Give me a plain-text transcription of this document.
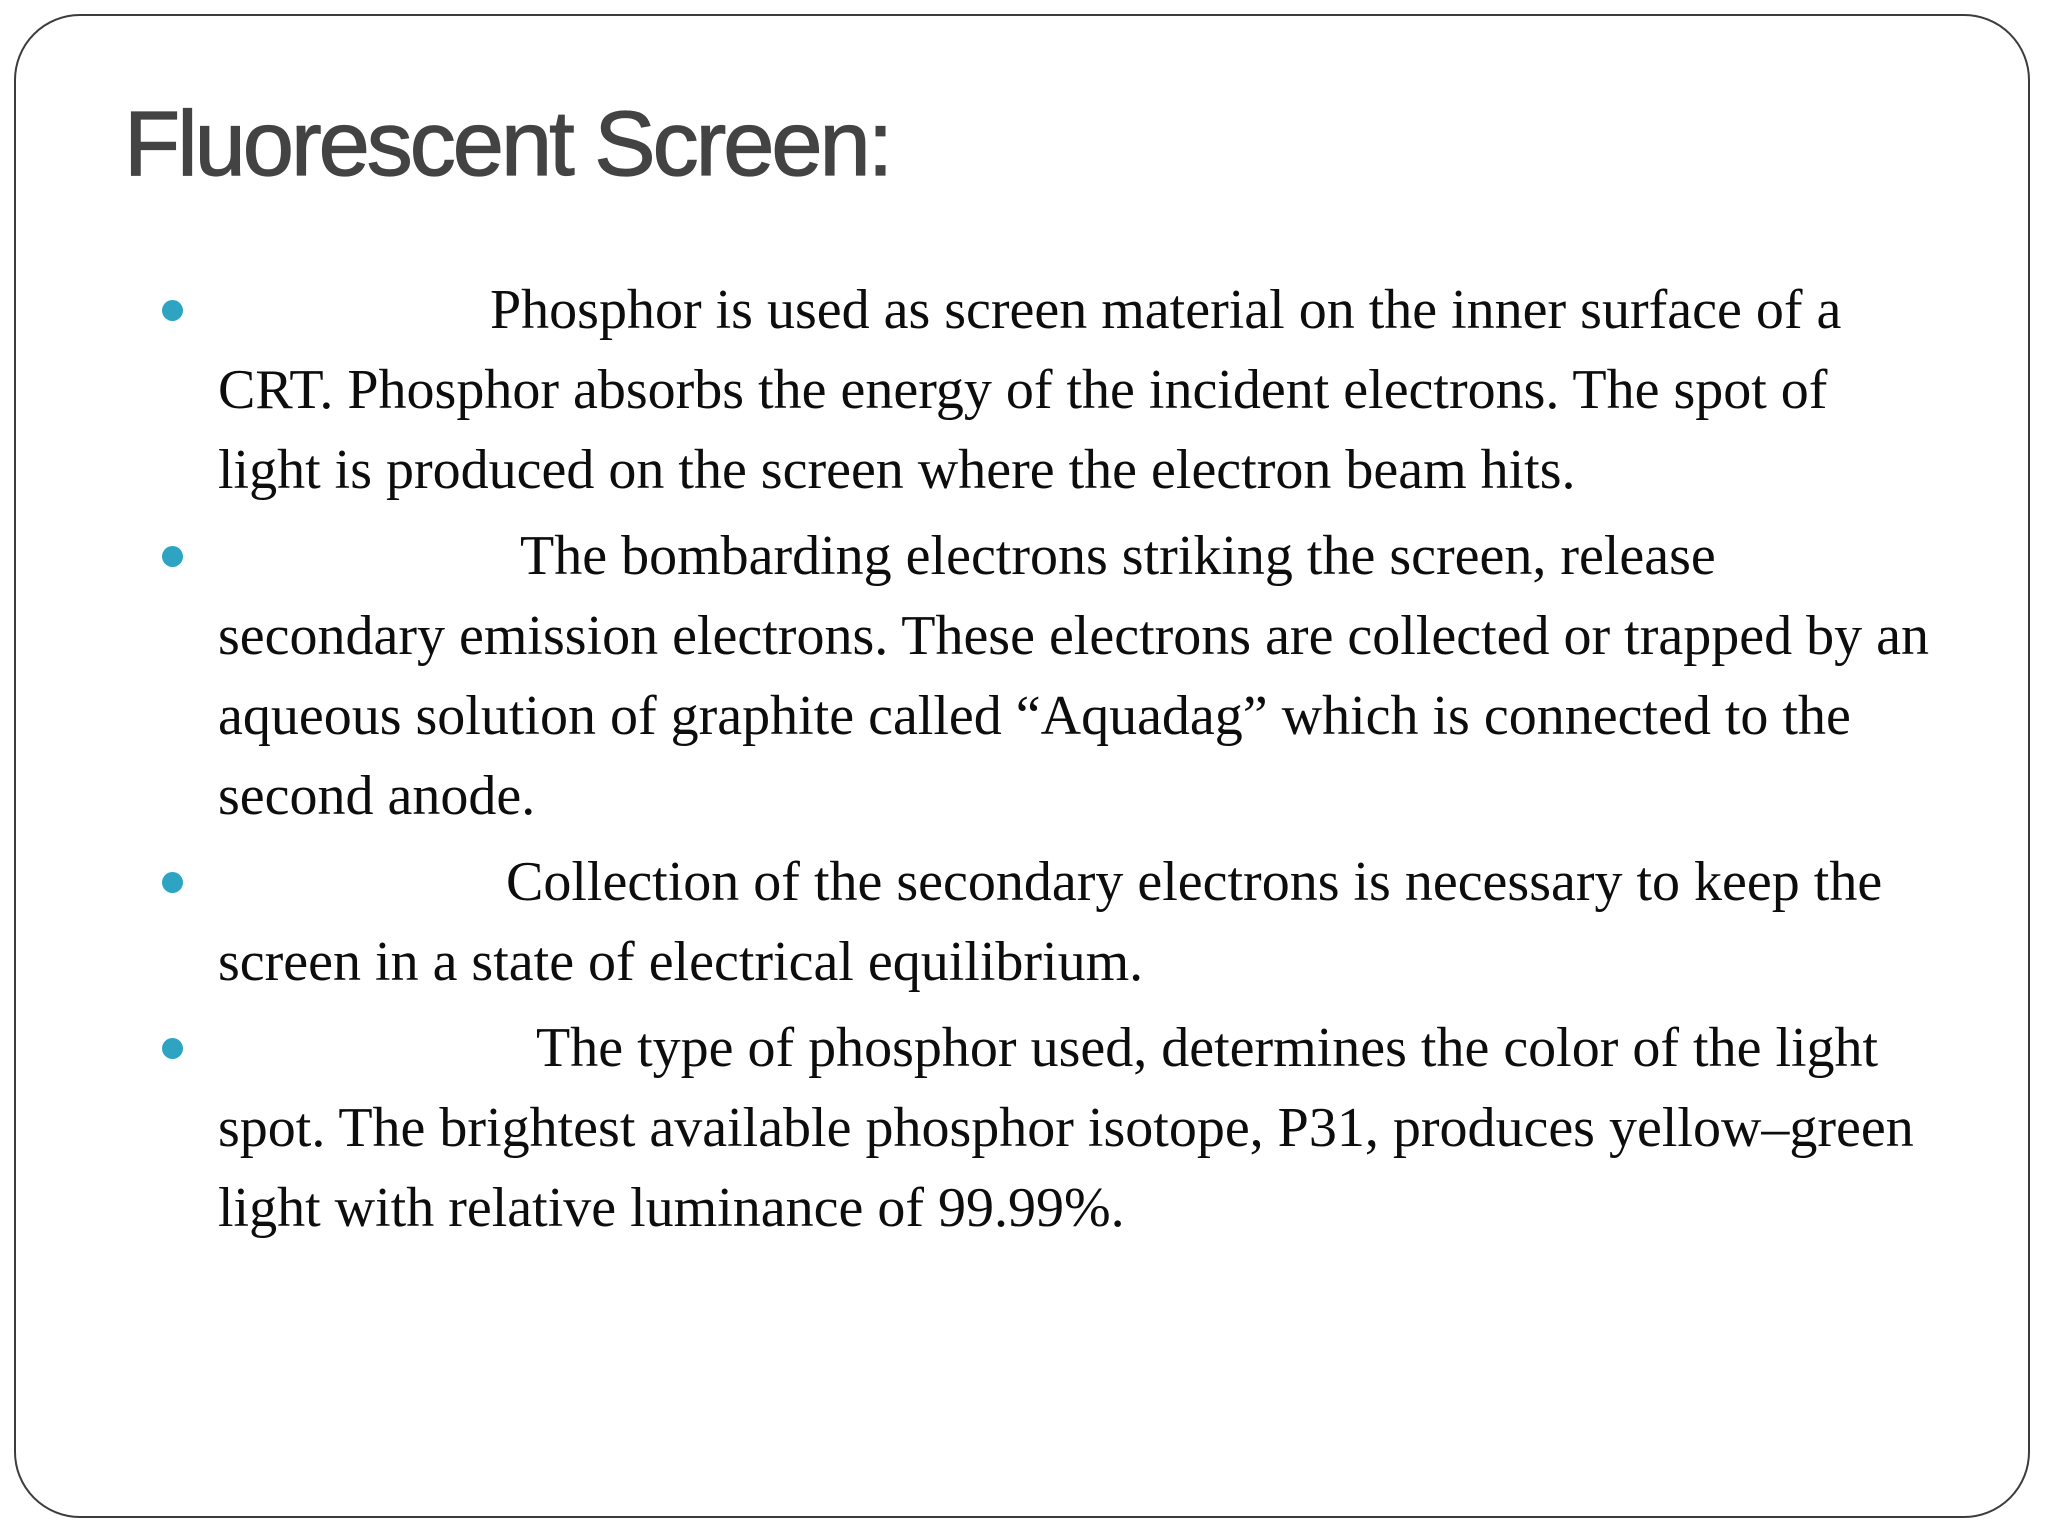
Fluorescent Screen:
Phosphor is used as screen material on the inner surface of a CRT. Phosphor absorbs the energy of the incident electrons. The spot of light is produced on the screen where the electron beam hits.
The bombarding electrons striking the screen, release secondary emission electrons. These electrons are collected or trapped by an aqueous solution of graphite called “Aquadag” which is connected to the second anode.
Collection of the secondary electrons is necessary to keep the screen in a state of electrical equilibrium.
The type of phosphor used, determines the color of the light spot. The brightest available phosphor isotope, P31, produces yellow–green light with relative luminance of 99.99%.
